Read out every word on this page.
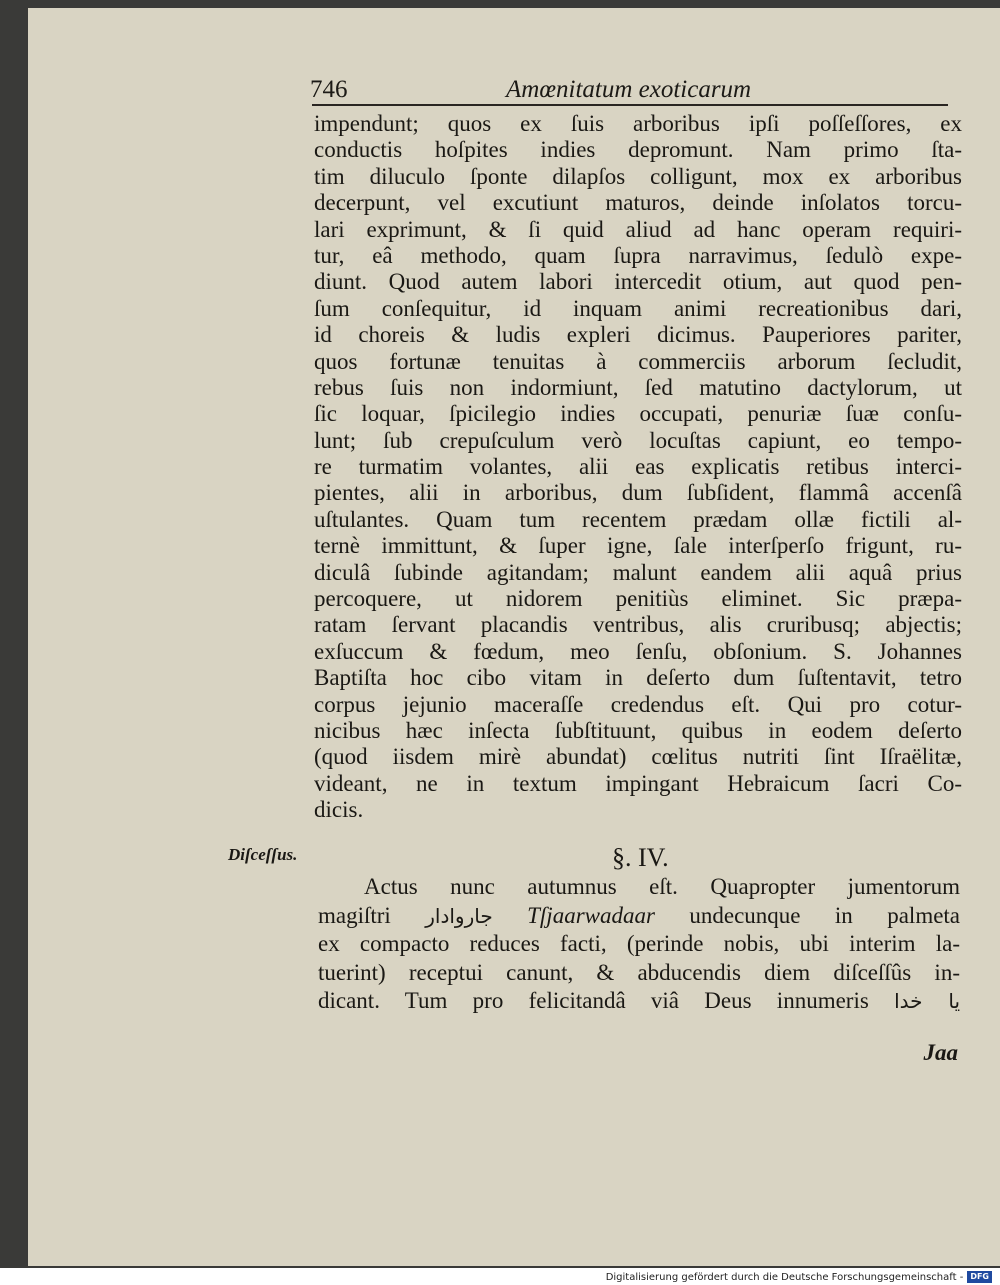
746	Amœnitatum exoticarum
impendunt; quos ex ſuis arboribus ipſi poſſeſſores, ex
conductis hoſpites indies depromunt. Nam primo ſta-
tim diluculo ſponte dilapſos colligunt, mox ex arboribus
decerpunt, vel excutiunt maturos, deinde inſolatos torcu-
lari exprimunt, & ſi quid aliud ad hanc operam requiri-
tur, eâ methodo, quam ſupra narravimus, ſedulò expe-
diunt. Quod autem labori intercedit otium, aut quod pen-
ſum conſequitur, id inquam animi recreationibus dari,
id choreis & ludis expleri dicimus. Pauperiores pariter,
quos fortunæ tenuitas à commerciis arborum ſecludit,
rebus ſuis non indormiunt, ſed matutino dactylorum, ut
ſic loquar, ſpicilegio indies occupati, penuriæ ſuæ conſu-
lunt; ſub crepuſculum verò locuſtas capiunt, eo tempo-
re turmatim volantes, alii eas explicatis retibus interci-
pientes, alii in arboribus, dum ſubſident, flammâ accenſâ
uſtulantes. Quam tum recentem prædam ollæ fictili al-
ternè immittunt, & ſuper igne, ſale interſperſo frigunt, ru-
diculâ ſubinde agitandam; malunt eandem alii aquâ prius
percoquere, ut nidorem penitiùs eliminet. Sic præpa-
ratam ſervant placandis ventribus, alis cruribusq; abjectis;
exſuccum & fœdum, meo ſenſu, obſonium. S. Johannes
Baptiſta hoc cibo vitam in deſerto dum ſuſtentavit, tetro
corpus jejunio maceraſſe credendus eſt. Qui pro cotur-
nicibus hæc inſecta ſubſtituunt, quibus in eodem deſerto
(quod iisdem mirè abundat) cœlitus nutriti ſint Iſraëlitæ,
videant, ne in textum impingant Hebraicum ſacri Co-
dicis.
Diſceſſus.	§. IV.
Actus nunc autumnus eſt. Quapropter jumentorum
magiſtri جاروادار Tſjaarwadaar undecunque in palmeta
ex compacto reduces facti, (perinde nobis, ubi interim la-
tuerint) receptui canunt, & abducendis diem diſceſſûs in-
dicant. Tum pro felicitandâ viâ Deus innumeris يا خدا
Jaa
Digitalisierung gefördert durch die Deutsche Forschungsgemeinschaft - DFG
